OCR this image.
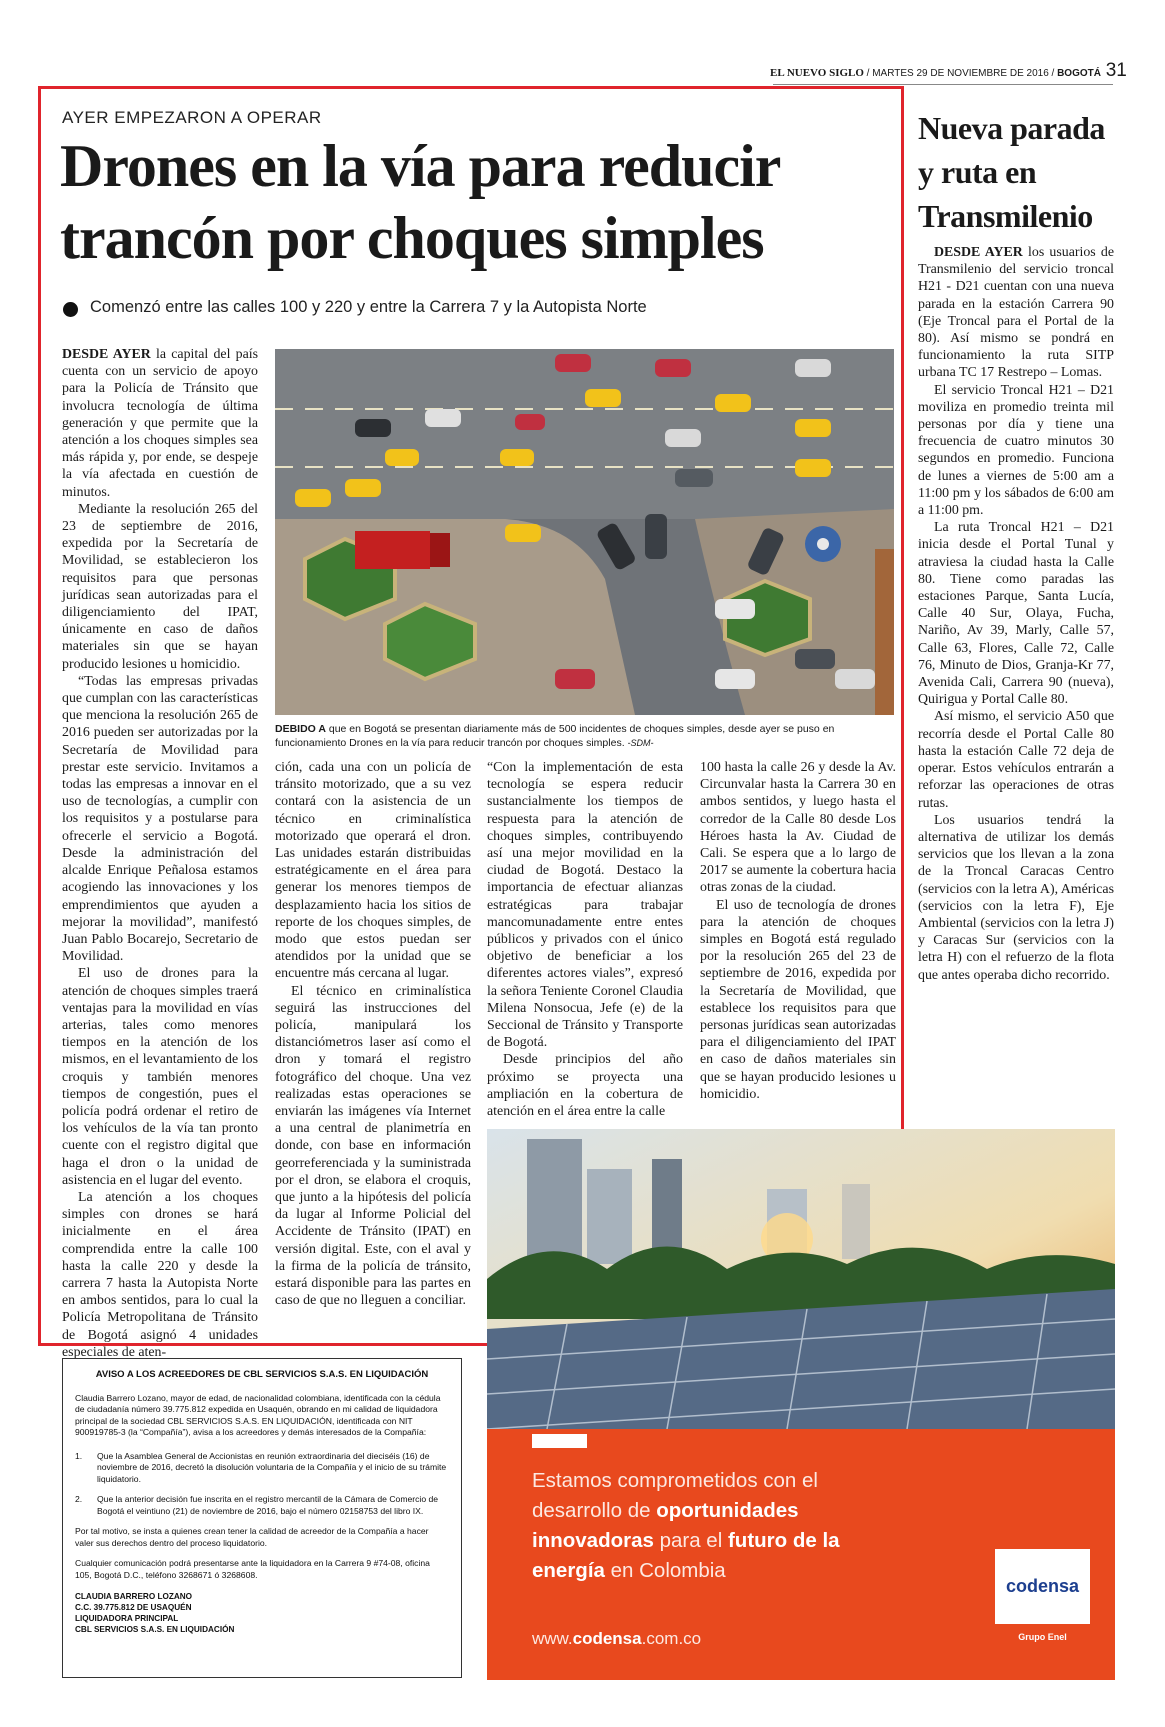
EL NUEVO SIGLO / MARTES 29 DE NOVIEMBRE DE 2016 / BOGOTÁ 31
AYER EMPEZARON A OPERAR
Drones en la vía para reducir
trancón por choques simples
Comenzó entre las calles 100 y 220 y entre la Carrera 7 y la Autopista Norte

DESDE AYER la capital del país cuenta con un servicio de apoyo para la Policía de Tránsito que involucra tecnología de última generación y que permite que la atención a los choques simples sea más rápida y, por ende, se despeje la vía afectada en cuestión de minutos.

Mediante la resolución 265 del 23 de septiembre de 2016, expedida por la Secretaría de Movilidad, se establecieron los requisitos para que personas jurídicas sean autorizadas para el diligenciamiento del IPAT, únicamente en caso de daños materiales sin que se hayan producido lesiones u homicidio.

“Todas las empresas privadas que cumplan con las características que menciona la resolución 265 de 2016 pueden ser autorizadas por la Secretaría de Movilidad para prestar este servicio. Invitamos a todas las empresas a innovar en el uso de tecnologías, a cumplir con los requisitos y a postularse para ofrecerle el servicio a Bogotá. Desde la administración del alcalde Enrique Peñalosa estamos acogiendo las innovaciones y los emprendimientos que ayuden a mejorar la movilidad”, manifestó Juan Pablo Bocarejo, Secretario de Movilidad.

El uso de drones para la atención de choques simples traerá ventajas para la movilidad en vías arterias, tales como menores tiempos en la atención de los mismos, en el levantamiento de los croquis y también menores tiempos de congestión, pues el policía podrá ordenar el retiro de los vehículos de la vía tan pronto cuente con el registro digital que haga el dron o la unidad de asistencia en el lugar del evento.

La atención a los choques simples con drones se hará inicialmente en el área comprendida entre la calle 100 hasta la calle 220 y desde la carrera 7 hasta la Autopista Norte en ambos sentidos, para lo cual la Policía Metropolitana de Tránsito de Bogotá asignó 4 unidades especiales de aten-

DEBIDO A que en Bogotá se presentan diariamente más de 500 incidentes de choques simples, desde ayer se puso en funcionamiento Drones en la vía para reducir trancón por choques simples. -SDM-

ción, cada una con un policía de tránsito motorizado, que a su vez contará con la asistencia de un técnico en criminalística motorizado que operará el dron. Las unidades estarán distribuidas estratégicamente en el área para generar los menores tiempos de desplazamiento hacia los sitios de reporte de los choques simples, de modo que estos puedan ser atendidos por la unidad que se encuentre más cercana al lugar.

El técnico en criminalística seguirá las instrucciones del policía, manipulará los distanciómetros laser así como el dron y tomará el registro fotográfico del choque. Una vez realizadas estas operaciones se enviarán las imágenes vía Internet a una central de planimetría en donde, con base en información georreferenciada y la suministrada por el dron, se elabora el croquis, que junto a la hipótesis del policía da lugar al Informe Policial del Accidente de Tránsito (IPAT) en versión digital. Este, con el aval y la firma de la policía de tránsito, estará disponible para las partes en caso de que no lleguen a conciliar.

“Con la implementación de esta tecnología se espera reducir sustancialmente los tiempos de respuesta para la atención de choques simples, contribuyendo así una mejor movilidad en la ciudad de Bogotá. Destaco la importancia de efectuar alianzas estratégicas para trabajar mancomunadamente entre entes públicos y privados con el único objetivo de beneficiar a los diferentes actores viales”, expresó la señora Teniente Coronel Claudia Milena Nonsocua, Jefe (e) de la Seccional de Tránsito y Transporte de Bogotá.

Desde principios del año próximo se proyecta una ampliación en la cobertura de atención en el área entre la calle

100 hasta la calle 26 y desde la Av. Circunvalar hasta la Carrera 30 en ambos sentidos, y luego hasta el corredor de la Calle 80 desde Los Héroes hasta la Av. Ciudad de Cali. Se espera que a lo largo de 2017 se aumente la cobertura hacia otras zonas de la ciudad.

El uso de tecnología de drones para la atención de choques simples en Bogotá está regulado por la resolución 265 del 23 de septiembre de 2016, expedida por la Secretaría de Movilidad, que establece los requisitos para que personas jurídicas sean autorizadas para el diligenciamiento del IPAT en caso de daños materiales sin que se hayan producido lesiones u homicidio.

Nueva parada
y ruta en
Transmilenio

DESDE AYER los usuarios de Transmilenio del servicio troncal H21 - D21 cuentan con una nueva parada en la estación Carrera 90 (Eje Troncal para el Portal de la 80). Así mismo se pondrá en funcionamiento la ruta SITP urbana TC 17 Restrepo – Lomas.

El servicio Troncal H21 – D21 moviliza en promedio treinta mil personas por día y tiene una frecuencia de cuatro minutos 30 segundos en promedio. Funciona de lunes a viernes de 5:00 am a 11:00 pm y los sábados de 6:00 am a 11:00 pm.

La ruta Troncal H21 – D21 inicia desde el Portal Tunal y atraviesa la ciudad hasta la Calle 80. Tiene como paradas las estaciones Parque, Santa Lucía, Calle 40 Sur, Olaya, Fucha, Nariño, Av 39, Marly, Calle 57, Calle 63, Flores, Calle 72, Calle 76, Minuto de Dios, Granja-Kr 77, Avenida Cali, Carrera 90 (nueva), Quirigua y Portal Calle 80.

Así mismo, el servicio A50 que recorría desde el Portal Calle 80 hasta la estación Calle 72 deja de operar. Estos vehículos entrarán a reforzar las operaciones de otras rutas.

Los usuarios tendrá la alternativa de utilizar los demás servicios que los llevan a la zona de la Troncal Caracas Centro (servicios con la letra A), Américas (servicios con la letra F), Eje Ambiental (servicios con la letra J) y Caracas Sur (servicios con la letra H) con el refuerzo de la flota que antes operaba dicho recorrido.

AVISO A LOS ACREEDORES DE CBL SERVICIOS S.A.S. EN LIQUIDACIÓN

Claudia Barrero Lozano, mayor de edad, de nacionalidad colombiana, identificada con la cédula de ciudadanía número 39.775.812 expedida en Usaquén, obrando en mi calidad de liquidadora principal de la sociedad CBL SERVICIOS S.A.S. EN LIQUIDACIÓN, identificada con NIT 900919785-3 (la “Compañía”), avisa a los acreedores y demás interesados de la Compañía:

1.	Que la Asamblea General de Accionistas en reunión extraordinaria del dieciséis (16) de noviembre de 2016, decretó la disolución voluntaria de la Compañía y el inicio de su trámite liquidatorio.
2.	Que la anterior decisión fue inscrita en el registro mercantil de la Cámara de Comercio de Bogotá el veintiuno (21) de noviembre de 2016, bajo el número 02158753 del libro IX.

Por tal motivo, se insta a quienes crean tener la calidad de acreedor de la Compañía a hacer valer sus derechos dentro del proceso liquidatorio.

Cualquier comunicación podrá presentarse ante la liquidadora en la Carrera 9 #74-08, oficina 105, Bogotá D.C., teléfono 3268671 ó 3268608.

CLAUDIA BARRERO LOZANO
C.C. 39.775.812 DE USAQUÉN
LIQUIDADORA PRINCIPAL
CBL SERVICIOS S.A.S. EN LIQUIDACIÓN
Estamos comprometidos con el
desarrollo de oportunidades
innovadoras para el futuro de la
energía en Colombia
www.codensa.com.co
codensa
Grupo Enel
